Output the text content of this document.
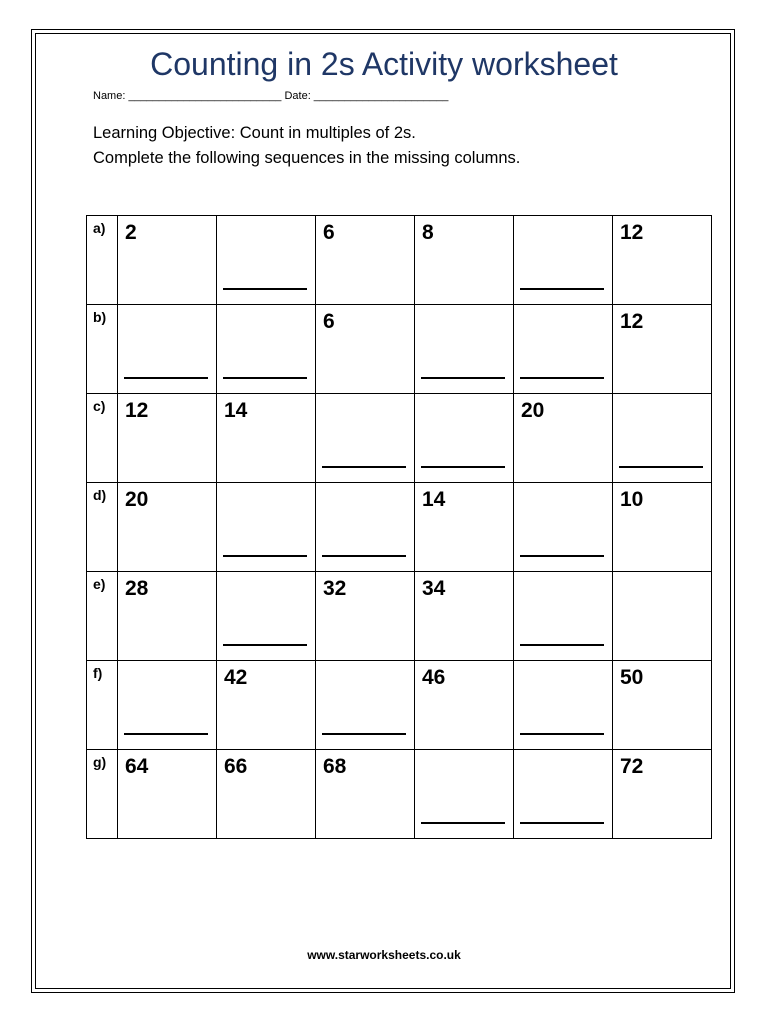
Counting in 2s Activity worksheet
Name: _________________________ Date: ______________________
Learning Objective: Count in multiples of 2s.
Complete the following sequences in the missing columns.
a)	2		6	8		12

b)			6			12

c)	12	14			20	

d)	20			14		10

e)	28		32	34		

f)		42		46		50

g)	64	66	68			72
www.starworksheets.co.uk
